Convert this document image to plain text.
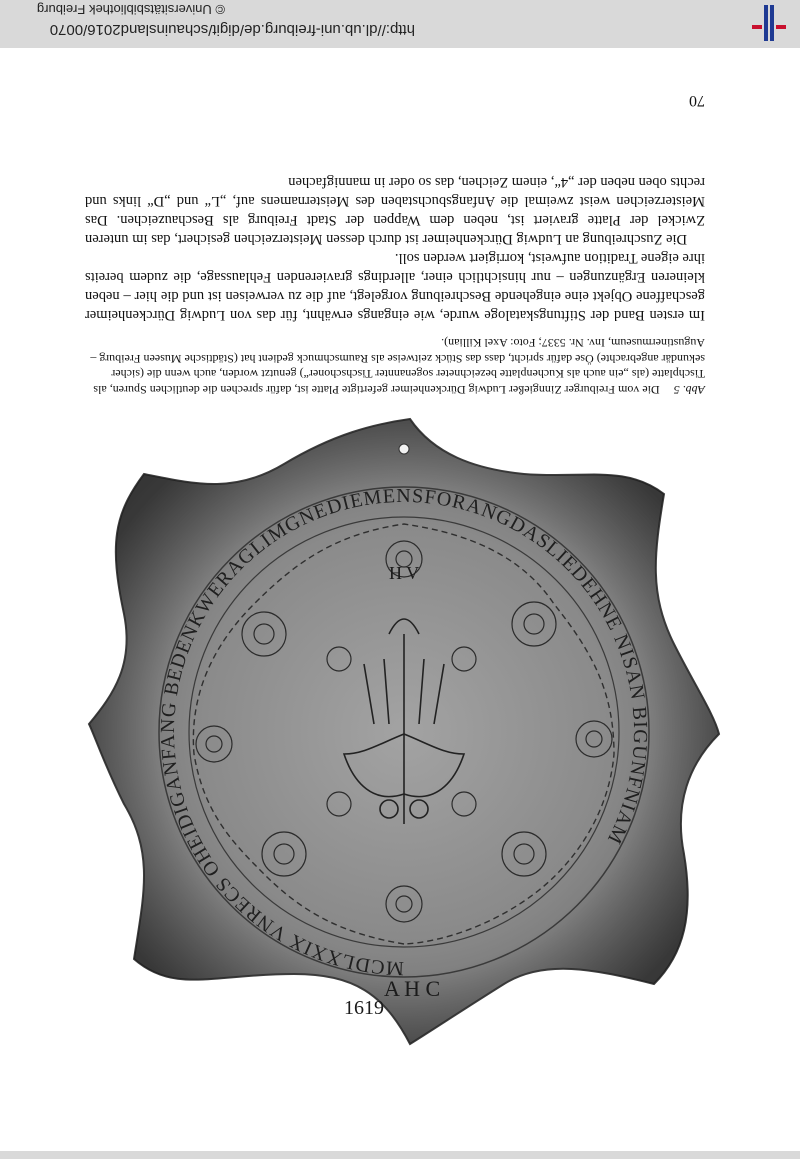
1619
A H C
H V
MCDLXXIX VNRECS OHEIDIGANFANG BEDENKWERAGLIMGNEDIEMENSFORANGDASLIEDEHNE NISAN BIGUNFNIAM
Abb. 5Die vom Freiburger Zinngießer Ludwig Dürckenheimer gefertigte Platte ist, dafür sprechen die deutlichen Spuren, als Tischplatte (als „ein auch als Kuchenplatte bezeichneter sogenannter Tischschoner“) genutzt worden, auch wenn die (sicher sekundär angebrachte) Öse dafür spricht, dass das Stück zeitweise als Raumschmuck gedient hat (Städtische Museen Freiburg – Augustinermuseum, Inv. Nr. 5337; Foto: Axel Killian).

Im ersten Band der Stiftungskataloge wurde, wie eingangs erwähnt, für das von Ludwig Dürckenheimer geschaffene Objekt eine eingehende Beschreibung vorgelegt, auf die zu verweisen ist und die hier – neben kleineren Ergänzungen – nur hinsichtlich einer, allerdings gravierenden Fehlaussage, die zudem bereits ihre eigene Tradition aufweist, korrigiert werden soll.

Die Zuschreibung an Ludwig Dürckenheimer ist durch dessen Meisterzeichen gesichert, das im unteren Zwickel der Platte graviert ist, neben dem Wappen der Stadt Freiburg als Beschauzeichen. Das Meisterzeichen weist zweimal die Anfangsbuchstaben des Meisternamens auf, „L“ und „D“ links und rechts oben neben der „4“, einem Zeichen, das so oder in mannigfachen

70
http://dl.ub.uni-freiburg.de/digit/schauinsland2016/0070
© Universitätsbibliothek Freiburg
